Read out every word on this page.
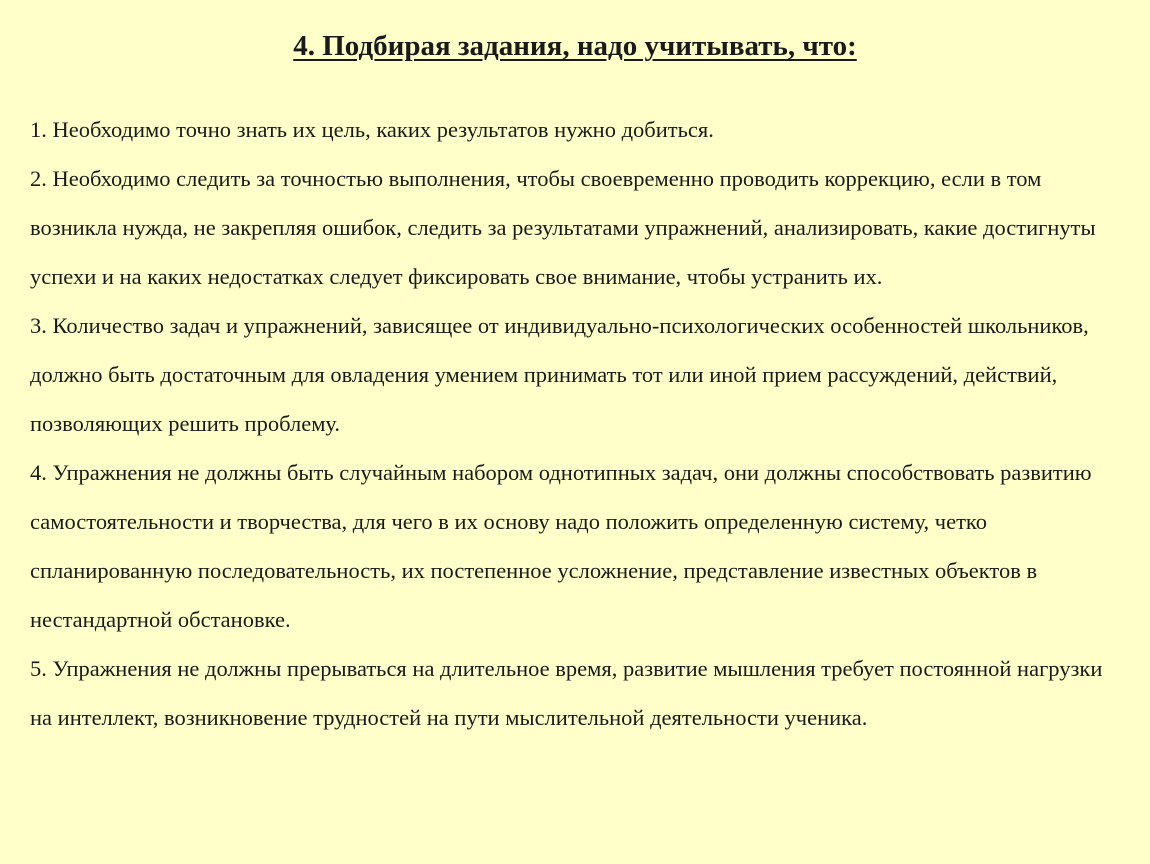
4. Подбирая задания, надо учитывать, что:

1. Необходимо точно знать их цель, каких результатов нужно добиться.

2. Необходимо следить за точностью выполнения, чтобы своевременно проводить коррекцию, если в том возникла нужда, не закрепляя ошибок, следить за результатами упражнений, анализировать, какие достигнуты успехи и на каких недостатках следует фиксировать свое внимание, чтобы устранить их.

3. Количество задач и упражнений, зависящее от индивидуально-психологических особенностей школьников, должно быть достаточным для овладения умением принимать тот или иной прием рассуждений, действий, позволяющих решить проблему.

4. Упражнения не должны быть случайным набором однотипных задач, они должны способствовать развитию самостоятельности и творчества, для чего в их основу надо положить определенную систему, четко спланированную последовательность, их постепенное усложнение, представление известных объектов в нестандартной обстановке.

5. Упражнения не должны прерываться на длительное время, развитие мышления требует постоянной нагрузки на интеллект, возникновение трудностей на пути мыслительной деятельности ученика.
